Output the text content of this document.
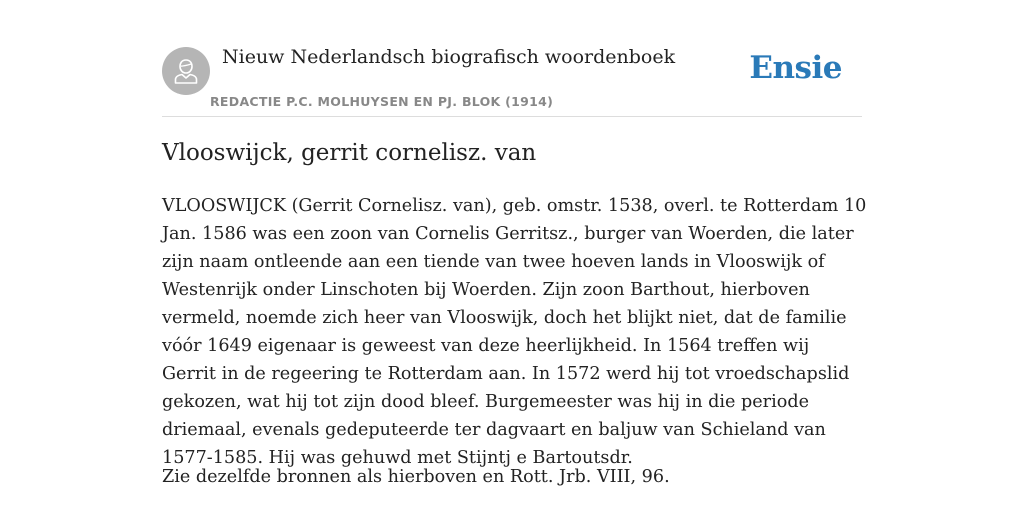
Nieuw Nederlandsch biografisch woordenboek
REDACTIE P.C. MOLHUYSEN EN PJ. BLOK (1914)
Ensie
Vlooswijck, gerrit cornelisz. van

VLOOSWIJCK (Gerrit Cornelisz. van), geb. omstr. 1538, overl. te Rotterdam 10 Jan. 1586 was een zoon van Cornelis Gerritsz., burger van Woerden, die later zijn naam ontleende aan een tiende van twee hoeven lands in Vlooswijk of Westenrijk onder Linschoten bij Woerden. Zijn zoon Barthout, hierboven vermeld, noemde zich heer van Vlooswijk, doch het blijkt niet, dat de familie vóór 1649 eigenaar is geweest van deze heerlijkheid. In 1564 treffen wij Gerrit in de regeering te Rotterdam aan. In 1572 werd hij tot vroedschapslid gekozen, wat hij tot zijn dood bleef. Burgemeester was hij in die periode driemaal, evenals gedeputeerde ter dagvaart en baljuw van Schieland van 1577-1585. Hij was gehuwd met Stijntj e Bartoutsdr.

Zie dezelfde bronnen als hierboven en Rott. Jrb. VIII, 96.
